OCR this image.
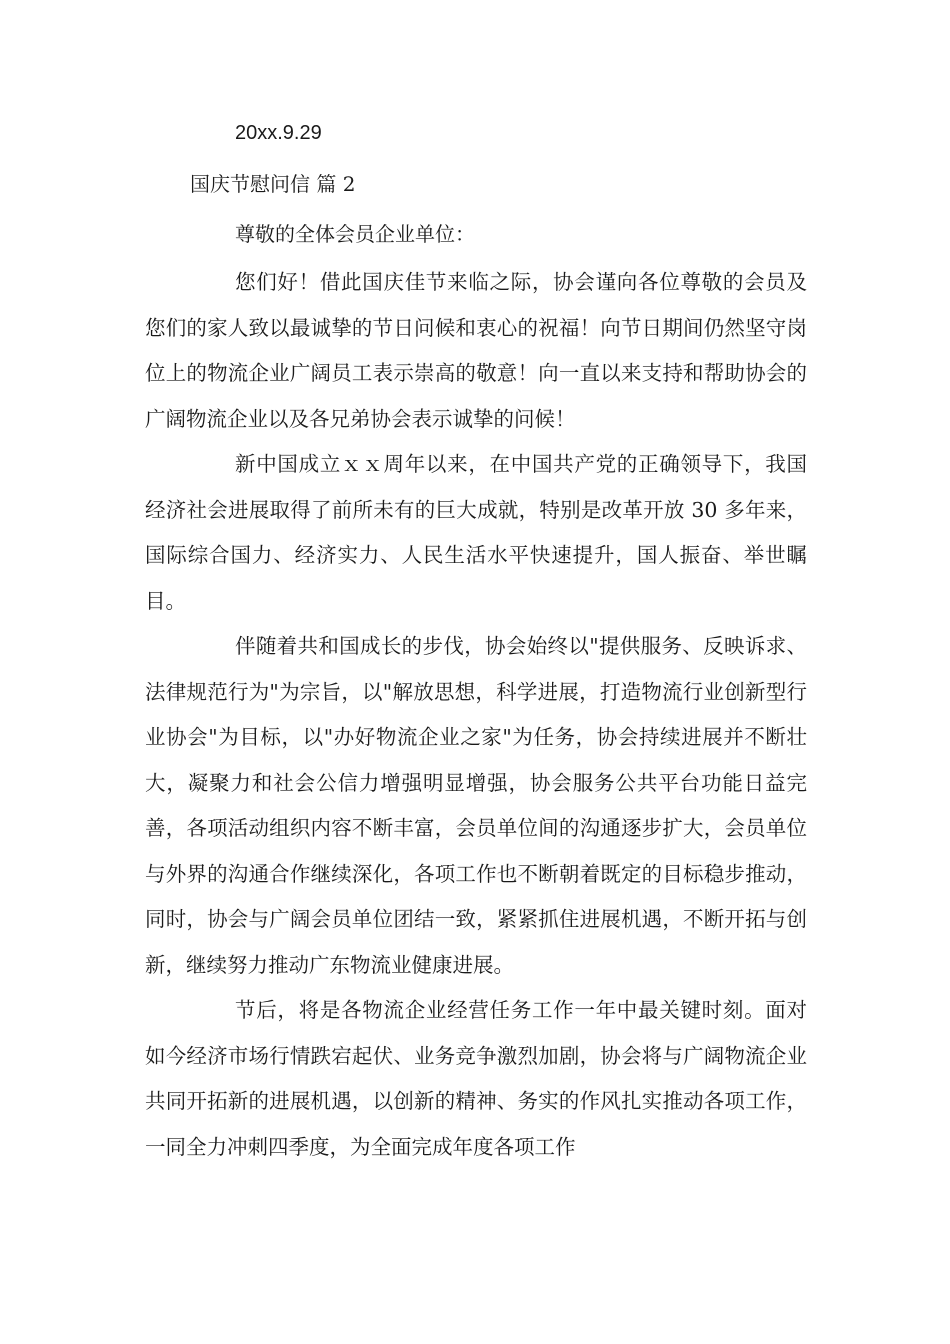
20xx.9.29
国庆节慰问信 篇 2
尊敬的全体会员企业单位：

您们好！借此国庆佳节来临之际，协会谨向各位尊敬的会员及您们的家人致以最诚挚的节日问候和衷心的祝福！向节日期间仍然坚守岗位上的物流企业广阔员工表示崇高的敬意！向一直以来支持和帮助协会的广阔物流企业以及各兄弟协会表示诚挚的问候！

新中国成立ｘｘ周年以来，在中国共产党的正确领导下，我国经济社会进展取得了前所未有的巨大成就，特别是改革开放 30 多年来，国际综合国力、经济实力、人民生活水平快速提升，国人振奋、举世瞩目。

伴随着共和国成长的步伐，协会始终以"提供服务、反映诉求、法律规范行为"为宗旨，以"解放思想，科学进展，打造物流行业创新型行业协会"为目标，以"办好物流企业之家"为任务，协会持续进展并不断壮大，凝聚力和社会公信力增强明显增强，协会服务公共平台功能日益完善，各项活动组织内容不断丰富，会员单位间的沟通逐步扩大，会员单位与外界的沟通合作继续深化，各项工作也不断朝着既定的目标稳步推动，同时，协会与广阔会员单位团结一致，紧紧抓住进展机遇，不断开拓与创新，继续努力推动广东物流业健康进展。

节后，将是各物流企业经营任务工作一年中最关键时刻。面对如今经济市场行情跌宕起伏、业务竞争激烈加剧，协会将与广阔物流企业共同开拓新的进展机遇，以创新的精神、务实的作风扎实推动各项工作，一同全力冲刺四季度，为全面完成年度各项工作
